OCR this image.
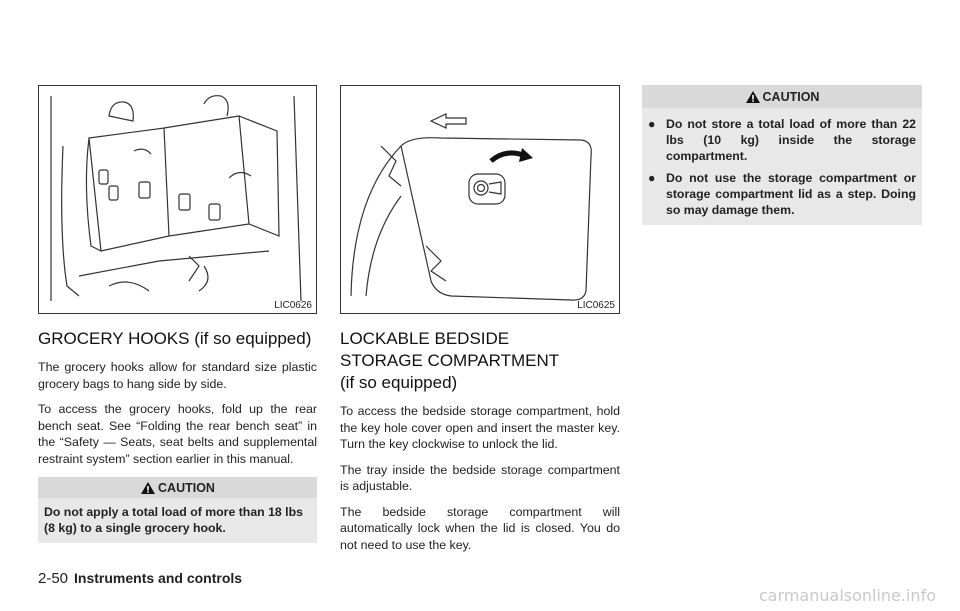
LIC0626
GROCERY HOOKS (if so equipped)

The grocery hooks allow for standard size plastic grocery bags to hang side by side.

To access the grocery hooks, fold up the rear bench seat. See “Folding the rear bench seat” in the “Safety — Seats, seat belts and supplemental restraint system” section earlier in this manual.

CAUTION
Do not apply a total load of more than 18 lbs (8 kg) to a single grocery hook.
LIC0625
LOCKABLE BEDSIDE STORAGE COMPARTMENT (if so equipped)

To access the bedside storage compartment, hold the key hole cover open and insert the master key. Turn the key clockwise to unlock the lid.

The tray inside the bedside storage compartment is adjustable.

The bedside storage compartment will automatically lock when the lid is closed. You do not need to use the key.

CAUTION
● Do not store a total load of more than 22 lbs (10 kg) inside the storage compartment.
● Do not use the storage compartment or storage compartment lid as a step. Doing so may damage them.
2-50 Instruments and controls
carmanualsonline.info
